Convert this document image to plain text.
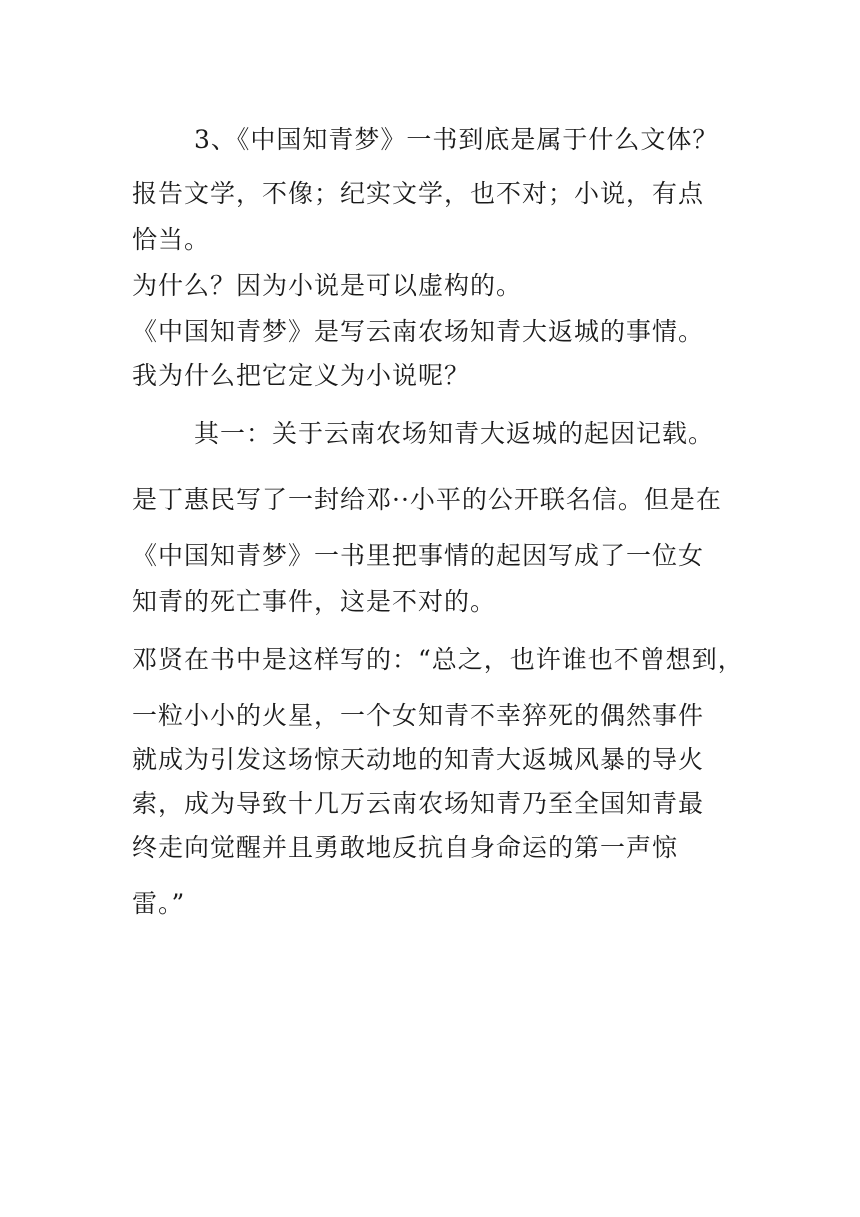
3、《中国知青梦》一书到底是属于什么文体？
报告文学，不像；纪实文学，也不对；小说，有点
恰当。
为什么？因为小说是可以虚构的。
《中国知青梦》是写云南农场知青大返城的事情。
我为什么把它定义为小说呢？
其一：关于云南农场知青大返城的起因记载。
是丁惠民写了一封给邓··小平的公开联名信。但是在
《中国知青梦》一书里把事情的起因写成了一位女
知青的死亡事件，这是不对的。
邓贤在书中是这样写的：“总之，也许谁也不曾想到，
一粒小小的火星，一个女知青不幸猝死的偶然事件
就成为引发这场惊天动地的知青大返城风暴的导火
索，成为导致十几万云南农场知青乃至全国知青最
终走向觉醒并且勇敢地反抗自身命运的第一声惊
雷。”
